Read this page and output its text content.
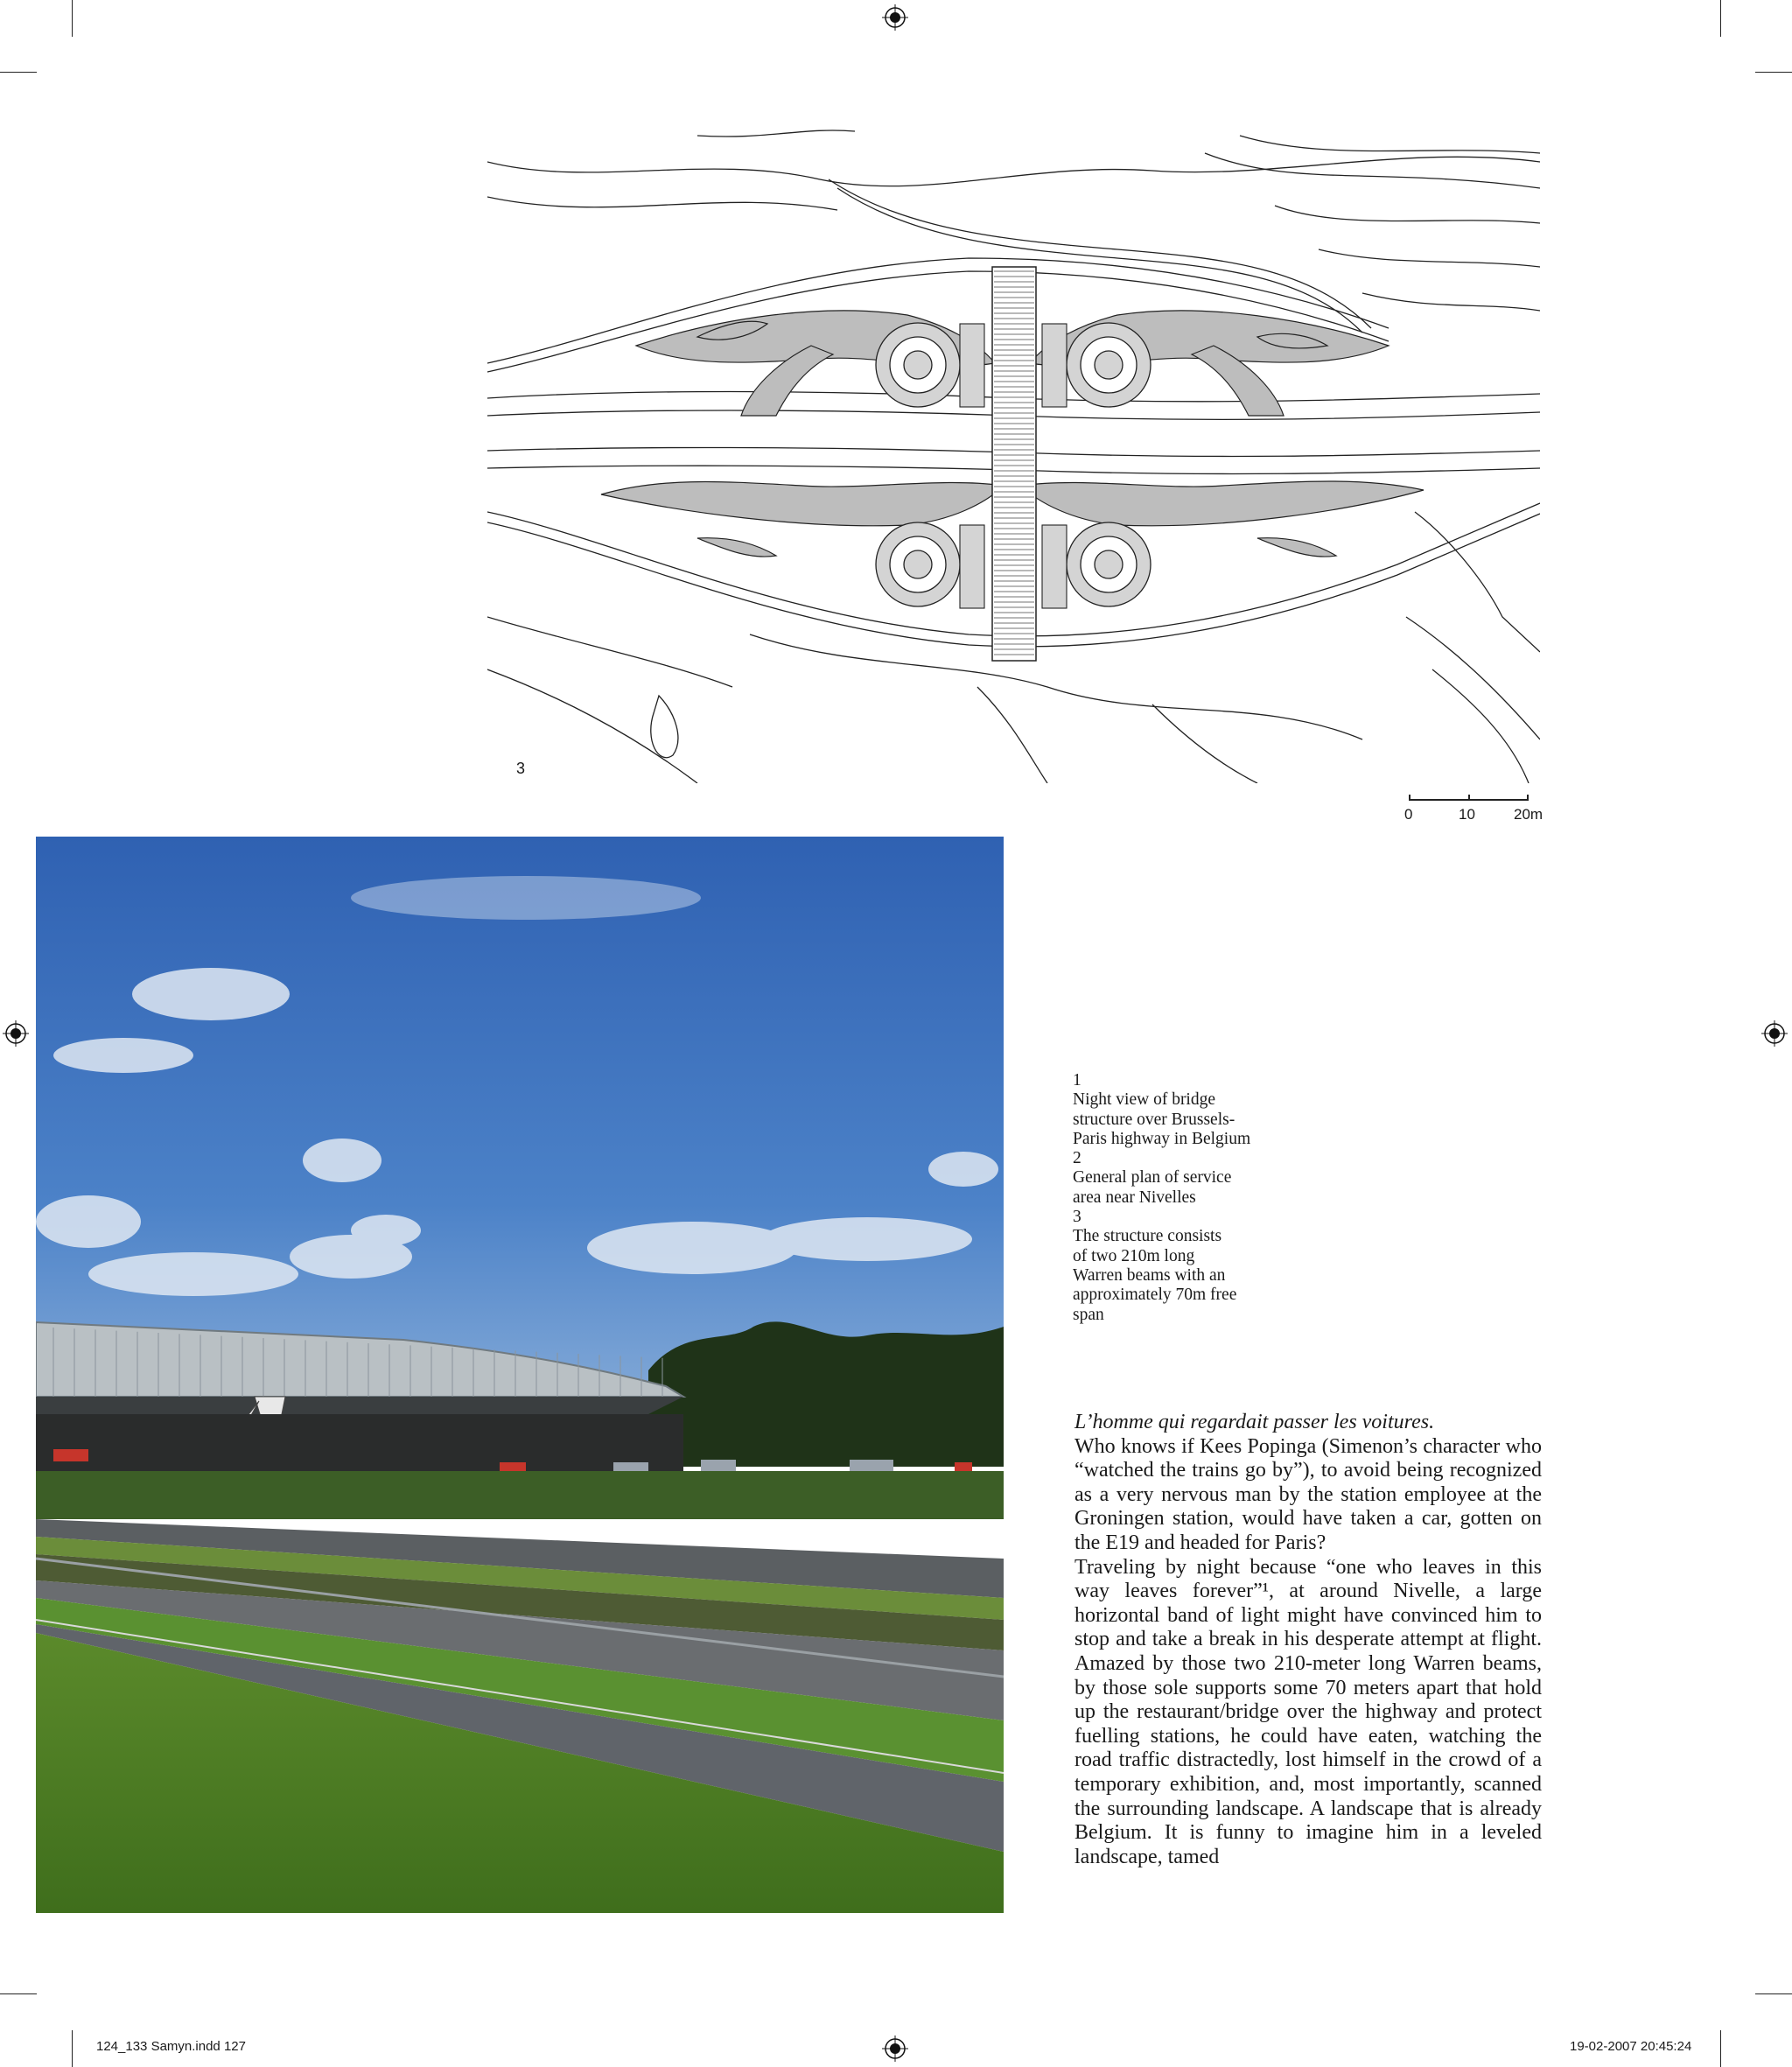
3
0	10	20m
1
Night view of bridge
structure over Brussels-
Paris highway in Belgium
2
General plan of service
area near Nivelles
3
The structure consists
of two 210m long
Warren beams with an
approximately 70m free
span
L’homme qui regardait passer les voitures.

Who knows if Kees Popinga (Simenon’s character who “watched the trains go by”), to avoid being recognized as a very nervous man by the station employee at the Groningen station, would have taken a car, gotten on the E19 and headed for Paris?

Traveling by night because “one who leaves in this way leaves forever”¹, at around Nivelle, a large horizontal band of light might have convinced him to stop and take a break in his desperate attempt at flight. Amazed by those two 210-meter long Warren beams, by those sole supports some 70 meters apart that hold up the restaurant/bridge over the highway and protect fuelling stations, he could have eaten, watching the road traffic distractedly, lost himself in the crowd of a temporary exhibition, and, most importantly, scanned the surrounding landscape. A landscape that is already Belgium. It is funny to imagine him in a leveled landscape, tamed

124_133 Samyn.indd 127	19-02-2007 20:45:24
